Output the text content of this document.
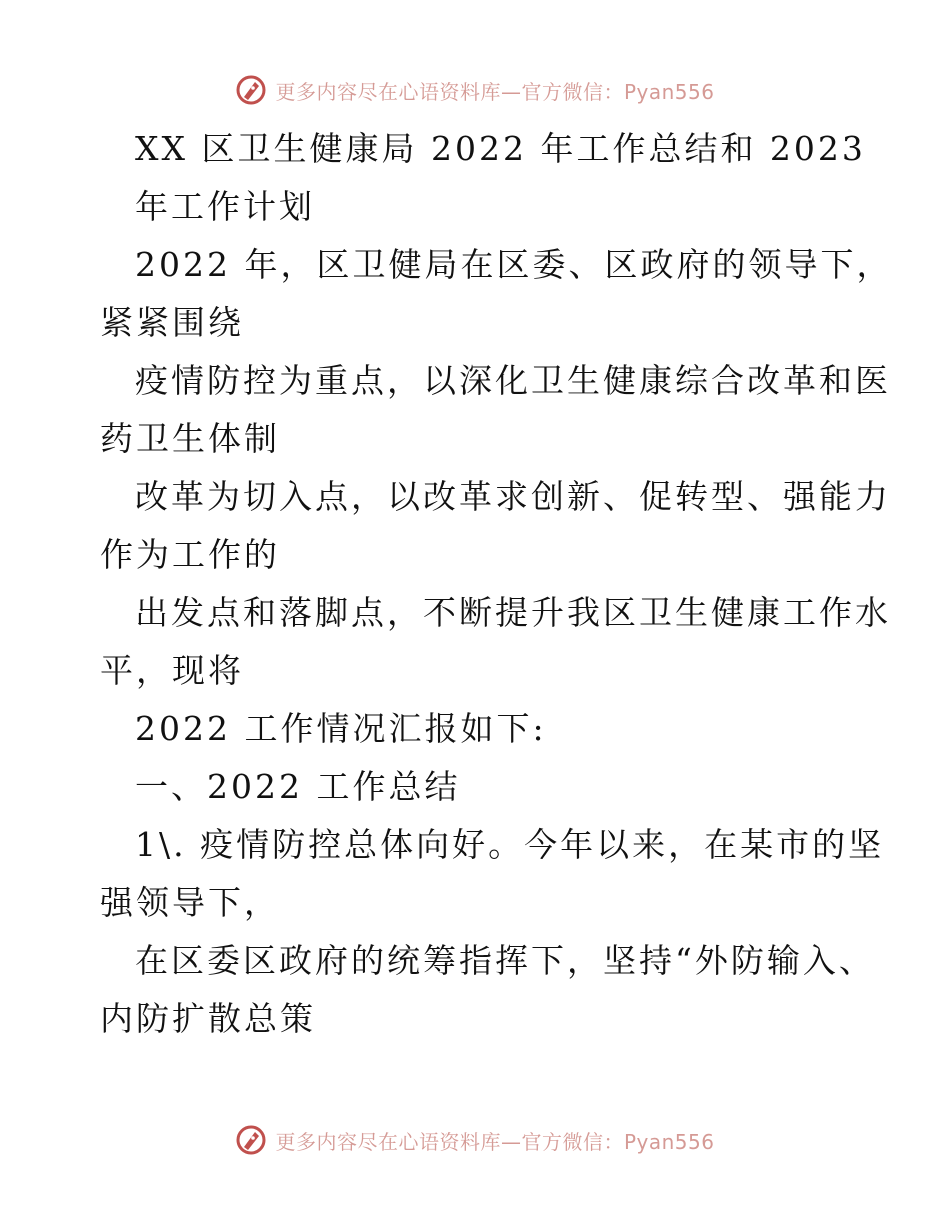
更多内容尽在心语资料库—官方微信：Pyan556
XX 区卫生健康局 2022 年工作总结和 2023
年工作计划
2022 年，区卫健局在区委、区政府的领导下，
紧紧围绕
疫情防控为重点，以深化卫生健康综合改革和医
药卫生体制
改革为切入点，以改革求创新、促转型、强能力
作为工作的
出发点和落脚点，不断提升我区卫生健康工作水
平，现将
2022 工作情况汇报如下:
一、2022 工作总结
1\. 疫情防控总体向好。今年以来，在某市的坚
强领导下，
在区委区政府的统筹指挥下，坚持“外防输入、
内防扩散总策
更多内容尽在心语资料库—官方微信：Pyan556
